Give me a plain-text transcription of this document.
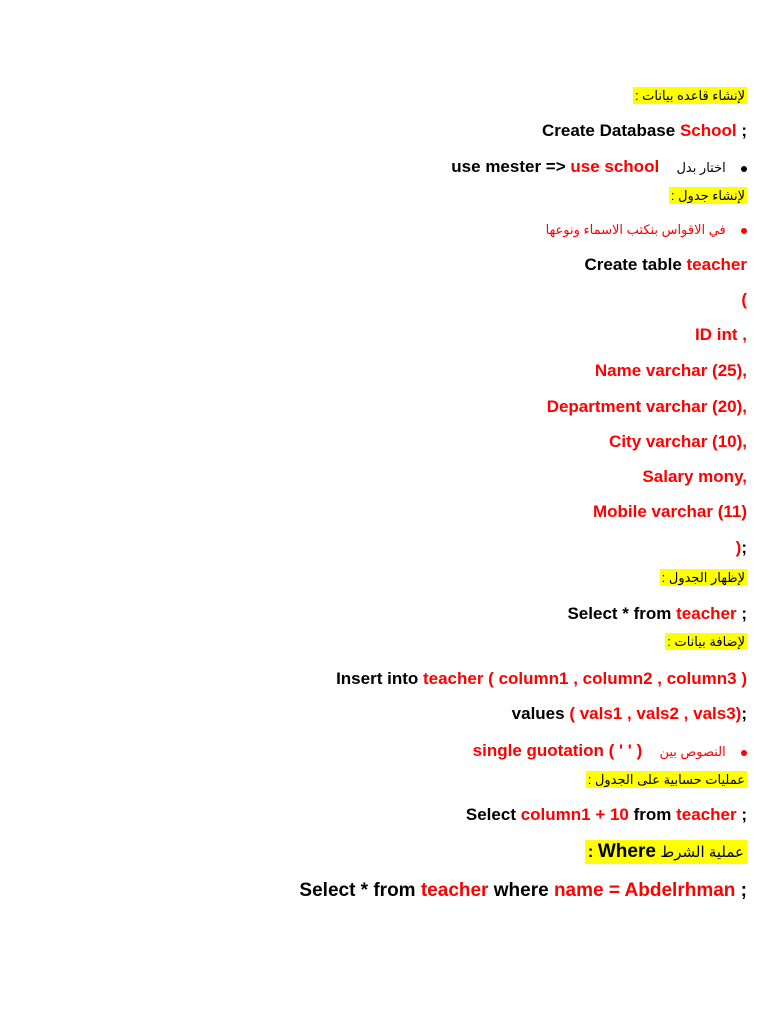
لإنشاء قاعده بيانات :
Create Database School ;
use mester => use school اختار بدل
لإنشاء جدول :
في الاقواس بنكتب الاسماء ونوعها
Create table teacher
(
ID int ,
Name varchar (25),
Department varchar (20),
City varchar (10),
Salary mony,
Mobile varchar (11)
);
لإظهار الجدول :
Select * from teacher ;
لإضافة بيانات :
Insert into teacher ( column1 , column2 , column3 )
values ( vals1 , vals2 , vals3);
single guotation ( ' ' ) النصوص بين
عمليات حسابية على الجدول :
Select column1 + 10 from teacher ;
: Where عملية الشرط
Select * from teacher where name = Abdelrhman ;
